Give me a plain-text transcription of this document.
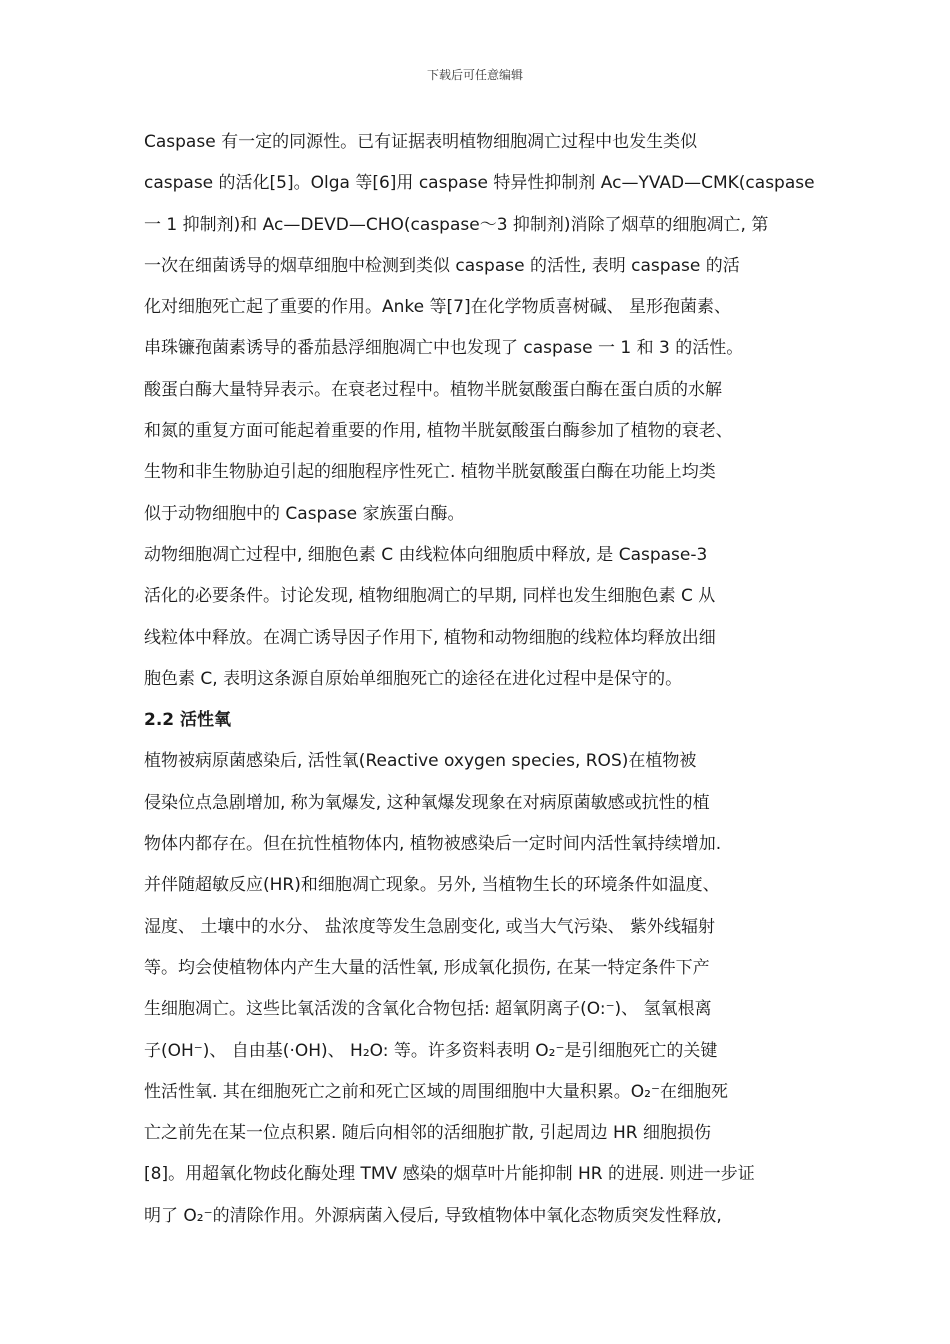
下载后可任意编辑
Caspase 有一定的同源性。已有证据表明植物细胞凋亡过程中也发生类似
caspase 的活化[5]。Olga 等[6]用 caspase 特异性抑制剂 Ac—YVAD—CMK(caspase
一 1 抑制剂)和 Ac—DEVD—CHO(caspase～3 抑制剂)消除了烟草的细胞凋亡, 第
一次在细菌诱导的烟草细胞中检测到类似 caspase 的活性, 表明 caspase 的活
化对细胞死亡起了重要的作用。Anke 等[7]在化学物质喜树碱、 星形孢菌素、
串珠镰孢菌素诱导的番茄悬浮细胞凋亡中也发现了 caspase 一 1 和 3 的活性。
酸蛋白酶大量特异表示。在衰老过程中。植物半胱氨酸蛋白酶在蛋白质的水解
和氮的重复方面可能起着重要的作用, 植物半胱氨酸蛋白酶参加了植物的衰老、
生物和非生物胁迫引起的细胞程序性死亡. 植物半胱氨酸蛋白酶在功能上均类
似于动物细胞中的 Caspase 家族蛋白酶。
动物细胞凋亡过程中, 细胞色素 C 由线粒体向细胞质中释放, 是 Caspase-3
活化的必要条件。讨论发现, 植物细胞凋亡的早期, 同样也发生细胞色素 C 从
线粒体中释放。在凋亡诱导因子作用下, 植物和动物细胞的线粒体均释放出细
胞色素 C, 表明这条源自原始单细胞死亡的途径在进化过程中是保守的。
2.2 活性氧
植物被病原菌感染后, 活性氧(Reactive oxygen species, ROS)在植物被
侵染位点急剧增加, 称为氧爆发, 这种氧爆发现象在对病原菌敏感或抗性的植
物体内都存在。但在抗性植物体内, 植物被感染后一定时间内活性氧持续增加.
并伴随超敏反应(HR)和细胞凋亡现象。另外, 当植物生长的环境条件如温度、
湿度、 土壤中的水分、 盐浓度等发生急剧变化, 或当大气污染、 紫外线辐射
等。均会使植物体内产生大量的活性氧, 形成氧化损伤, 在某一特定条件下产
生细胞凋亡。这些比氧活泼的含氧化合物包括: 超氧阴离子(O:⁻)、 氢氧根离
子(OH⁻)、 自由基(·OH)、 H₂O: 等。许多资料表明 O₂⁻是引细胞死亡的关键
性活性氧. 其在细胞死亡之前和死亡区域的周围细胞中大量积累。O₂⁻在细胞死
亡之前先在某一位点积累. 随后向相邻的活细胞扩散, 引起周边 HR 细胞损伤
[8]。用超氧化物歧化酶处理 TMV 感染的烟草叶片能抑制 HR 的进展. 则进一步证
明了 O₂⁻的清除作用。外源病菌入侵后, 导致植物体中氧化态物质突发性释放,
